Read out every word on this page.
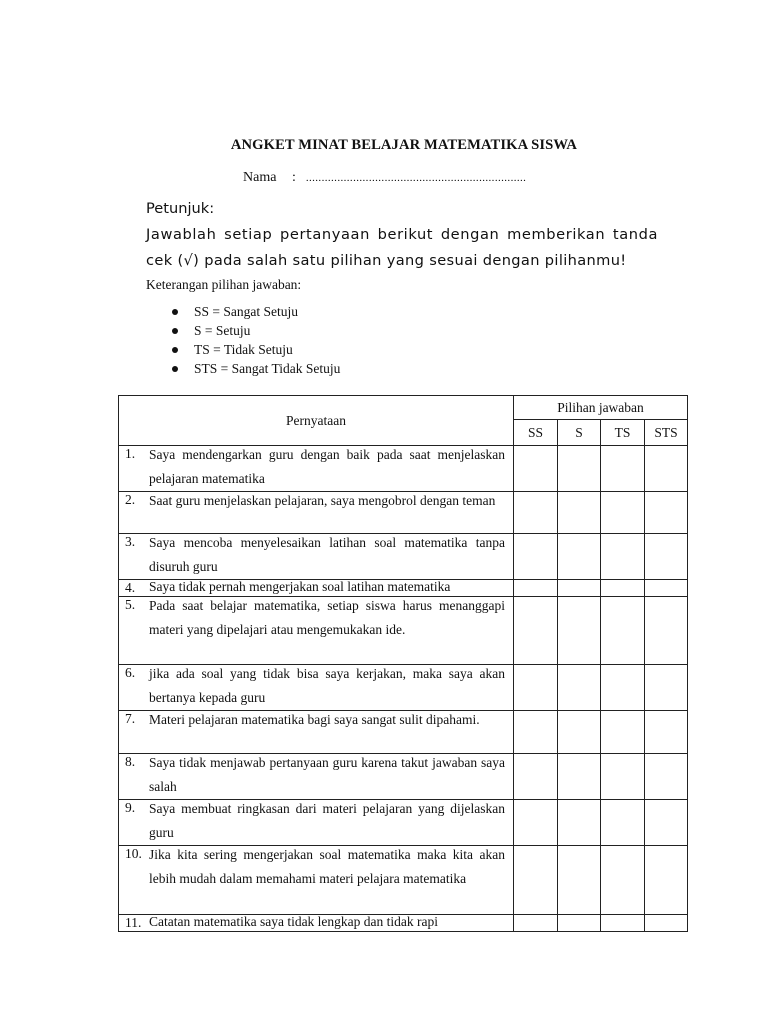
ANGKET MINAT BELAJAR MATEMATIKA SISWA
Nama : ......................................................................
Petunjuk:
Jawablah setiap pertanyaan berikut dengan memberikan tanda
cek (√) pada salah satu pilihan yang sesuai dengan pilihanmu!
Keterangan pilihan jawaban:
SS = Sangat Setuju
S = Setuju
TS = Tidak Setuju
STS = Sangat Tidak Setuju
Pernyataan	Pilihan jawaban			
	SS	S	TS	STS

1. Saya mendengarkan guru dengan baik pada saat menjelaskan pelajaran matematika				

2. Saat guru menjelaskan pelajaran, saya mengobrol dengan teman				

3. Saya mencoba menyelesaikan latihan soal matematika tanpa disuruh guru				

4. Saya tidak pernah mengerjakan soal latihan matematika				

5. Pada saat belajar matematika, setiap siswa harus menanggapi materi yang dipelajari atau mengemukakan ide.				

6. jika ada soal yang tidak bisa saya kerjakan, maka saya akan bertanya kepada guru				

7. Materi pelajaran matematika bagi saya sangat sulit dipahami.				

8. Saya tidak menjawab pertanyaan guru karena takut jawaban saya salah				

9. Saya membuat ringkasan dari materi pelajaran yang dijelaskan guru				

10. Jika kita sering mengerjakan soal matematika maka kita akan lebih mudah dalam memahami materi pelajara matematika				

11. Catatan matematika saya tidak lengkap dan tidak rapi				
